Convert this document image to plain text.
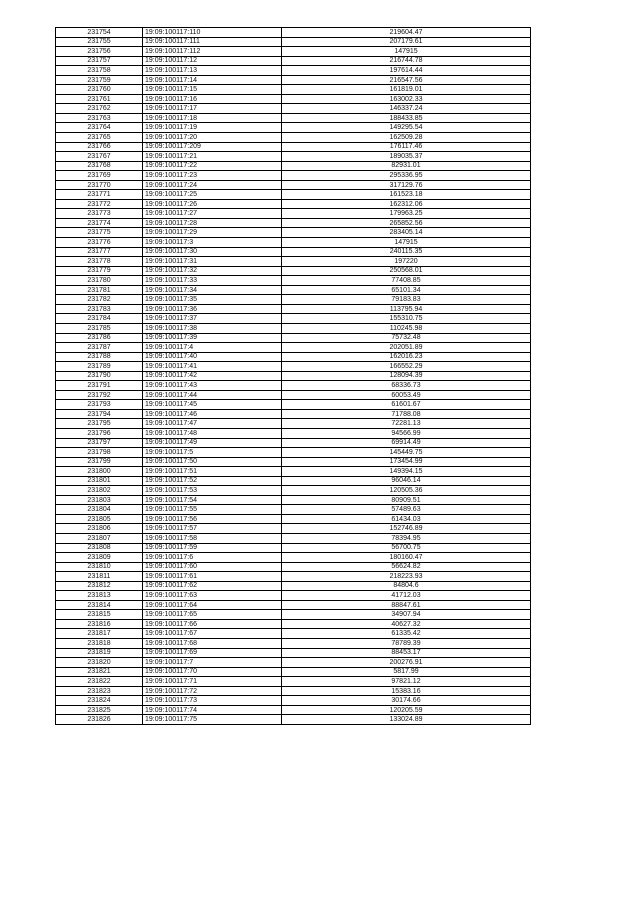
231754	19:09:100117:110	219604.47
231755	19:09:100117:111	207179.61
231756	19:09:100117:112	147915
231757	19:09:100117:12	216744.78
231758	19:09:100117:13	197614.44
231759	19:09:100117:14	216547.56
231760	19:09:100117:15	161819.01
231761	19:09:100117:16	163002.33
231762	19:09:100117:17	146337.24
231763	19:09:100117:18	188433.85
231764	19:09:100117:19	149295.54
231765	19:09:100117:20	162509.28
231766	19:09:100117:209	176117.46
231767	19:09:100117:21	189035.37
231768	19:09:100117:22	82931.01
231769	19:09:100117:23	295336.95
231770	19:09:100117:24	317129.76
231771	19:09:100117:25	161523.18
231772	19:09:100117:26	162312.06
231773	19:09:100117:27	179963.25
231774	19:09:100117:28	265852.56
231775	19:09:100117:29	283405.14
231776	19:09:100117:3	147915
231777	19:09:100117:30	240115.35
231778	19:09:100117:31	197220
231779	19:09:100117:32	250568.01
231780	19:09:100117:33	77408.85
231781	19:09:100117:34	65101.34
231782	19:09:100117:35	79183.83
231783	19:09:100117:36	113795.94
231784	19:09:100117:37	155310.75
231785	19:09:100117:38	110245.98
231786	19:09:100117:39	75732.48
231787	19:09:100117:4	202051.89
231788	19:09:100117:40	162016.23
231789	19:09:100117:41	166552.29
231790	19:09:100117:42	128094.39
231791	19:09:100117:43	68336.73
231792	19:09:100117:44	60053.49
231793	19:09:100117:45	61601.67
231794	19:09:100117:46	71788.08
231795	19:09:100117:47	72281.13
231796	19:09:100117:48	94566.99
231797	19:09:100117:49	69914.49
231798	19:09:100117:5	145449.75
231799	19:09:100117:50	173454.99
231800	19:09:100117:51	149394.15
231801	19:09:100117:52	96046.14
231802	19:09:100117:53	120505.36
231803	19:09:100117:54	80909.51
231804	19:09:100117:55	57489.63
231805	19:09:100117:56	61434.03
231806	19:09:100117:57	152746.89
231807	19:09:100117:58	78394.95
231808	19:09:100117:59	56700.75
231809	19:09:100117:6	180160.47
231810	19:09:100117:60	56624.82
231811	19:09:100117:61	218223.93
231812	19:09:100117:62	84804.6
231813	19:09:100117:63	41712.03
231814	19:09:100117:64	88847.61
231815	19:09:100117:65	34907.94
231816	19:09:100117:66	40627.32
231817	19:09:100117:67	61335.42
231818	19:09:100117:68	78789.39
231819	19:09:100117:69	88453.17
231820	19:09:100117:7	200276.91
231821	19:09:100117:70	5817.99
231822	19:09:100117:71	97821.12
231823	19:09:100117:72	15383.16
231824	19:09:100117:73	30174.66
231825	19:09:100117:74	120205.59
231826	19:09:100117:75	133024.89
